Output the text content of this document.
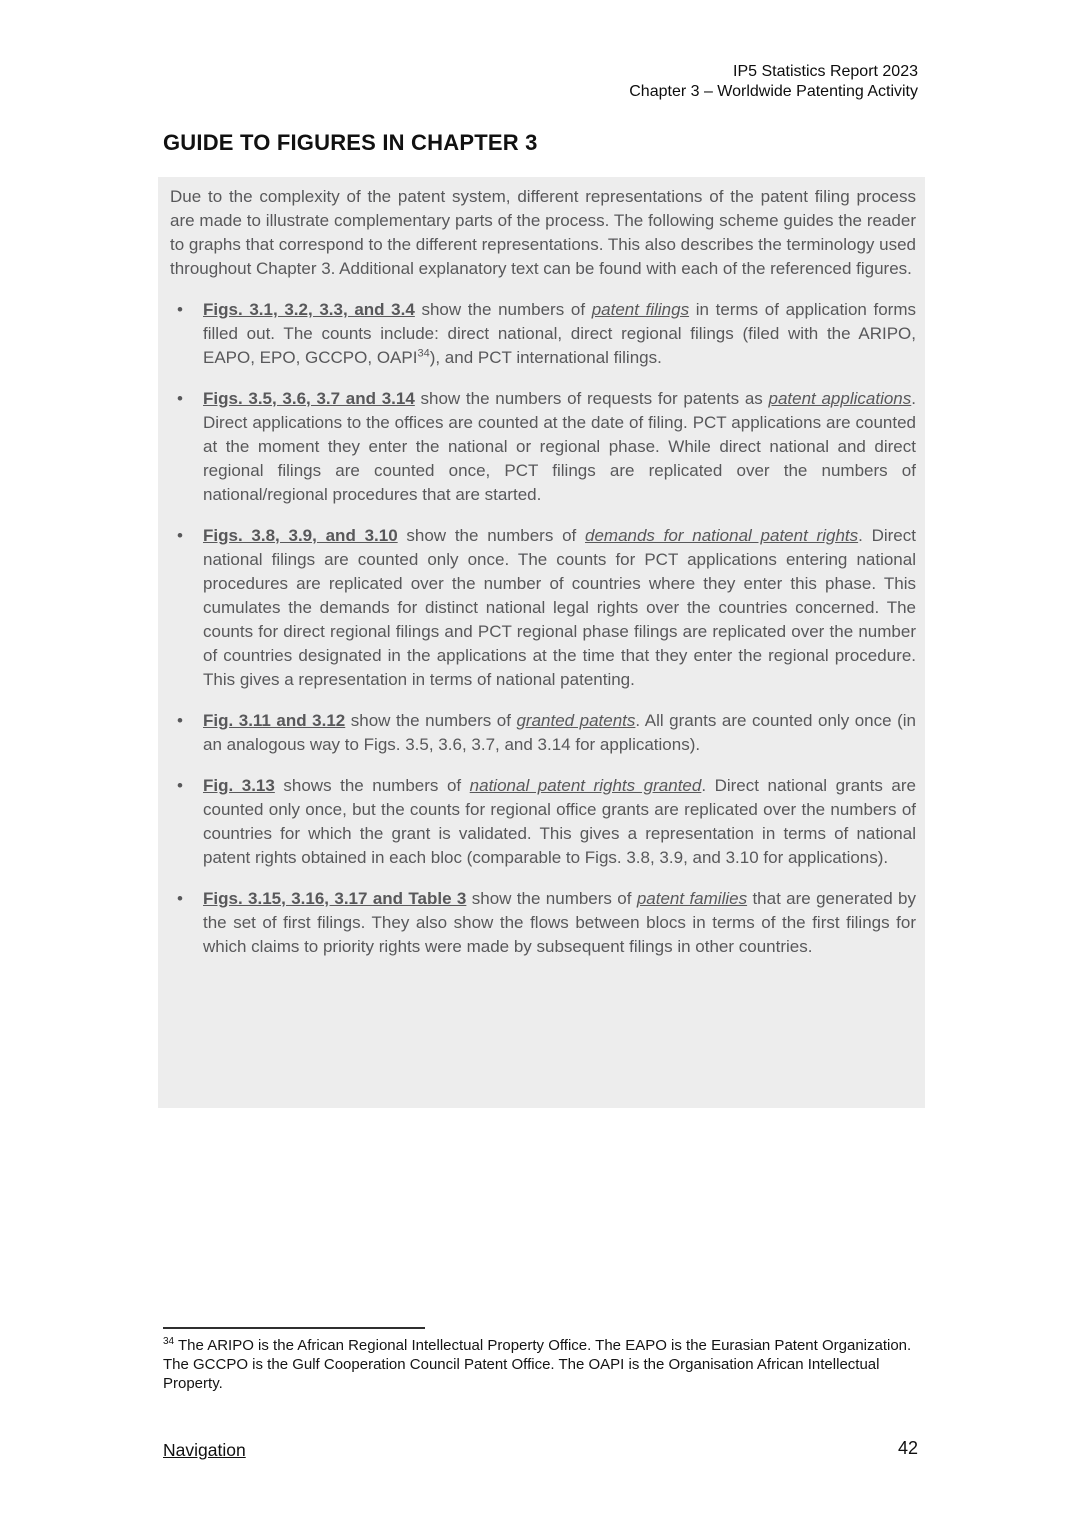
IP5 Statistics Report 2023
Chapter 3 – Worldwide Patenting Activity
GUIDE TO FIGURES IN CHAPTER 3

Due to the complexity of the patent system, different representations of the patent filing process are made to illustrate complementary parts of the process. The following scheme guides the reader to graphs that correspond to the different representations. This also describes the terminology used throughout Chapter 3. Additional explanatory text can be found with each of the referenced figures.

• Figs. 3.1, 3.2, 3.3, and 3.4 show the numbers of patent filings in terms of application forms filled out. The counts include: direct national, direct regional filings (filed with the ARIPO, EAPO, EPO, GCCPO, OAPI$^{34}$), and PCT international filings.
• Figs. 3.5, 3.6, 3.7 and 3.14 show the numbers of requests for patents as patent applications. Direct applications to the offices are counted at the date of filing. PCT applications are counted at the moment they enter the national or regional phase. While direct national and direct regional filings are counted once, PCT filings are replicated over the numbers of national/regional procedures that are started.
• Figs. 3.8, 3.9, and 3.10 show the numbers of demands for national patent rights. Direct national filings are counted only once. The counts for PCT applications entering national procedures are replicated over the number of countries where they enter this phase. This cumulates the demands for distinct national legal rights over the countries concerned. The counts for direct regional filings and PCT regional phase filings are replicated over the number of countries designated in the applications at the time that they enter the regional procedure. This gives a representation in terms of national patenting.
• Fig. 3.11 and 3.12 show the numbers of granted patents. All grants are counted only once (in an analogous way to Figs. 3.5, 3.6, 3.7, and 3.14 for applications).
• Fig. 3.13 shows the numbers of national patent rights granted. Direct national grants are counted only once, but the counts for regional office grants are replicated over the numbers of countries for which the grant is validated. This gives a representation in terms of national patent rights obtained in each bloc (comparable to Figs. 3.8, 3.9, and 3.10 for applications).
• Figs. 3.15, 3.16, 3.17 and Table 3 show the numbers of patent families that are generated by the set of first filings. They also show the flows between blocs in terms of the first filings for which claims to priority rights were made by subsequent filings in other countries.
$^{34}$ The ARIPO is the African Regional Intellectual Property Office. The EAPO is the Eurasian Patent Organization. The GCCPO is the Gulf Cooperation Council Patent Office. The OAPI is the Organisation African Intellectual Property.
Navigation	42
